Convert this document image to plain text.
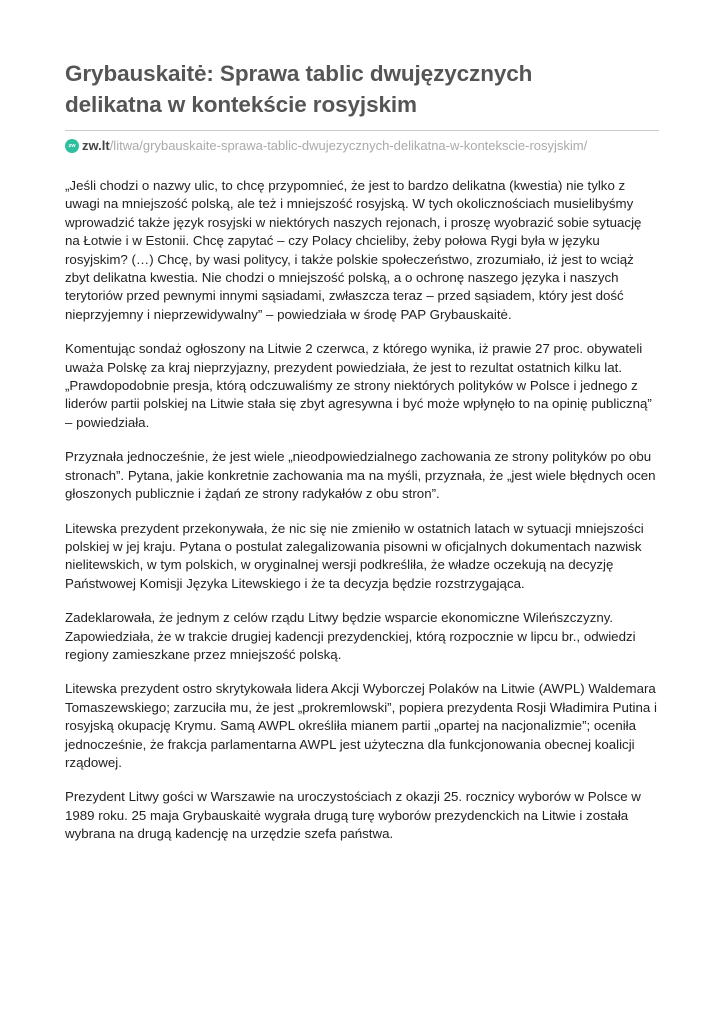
Grybauskaitė: Sprawa tablic dwujęzycznych
delikatna w kontekście rosyjskim
zw zw.lt /litwa/grybauskaite-sprawa-tablic-dwujezycznych-delikatna-w-kontekscie-rosyjskim/

„Jeśli chodzi o nazwy ulic, to chcę przypomnieć, że jest to bardzo delikatna (kwestia) nie tylko z uwagi na mniejszość polską, ale też i mniejszość rosyjską. W tych okolicznościach musielibyśmy wprowadzić także język rosyjski w niektórych naszych rejonach, i proszę wyobrazić sobie sytuację na Łotwie i w Estonii. Chcę zapytać – czy Polacy chcieliby, żeby połowa Rygi była w języku rosyjskim? (…) Chcę, by wasi politycy, i także polskie społeczeństwo, zrozumiało, iż jest to wciąż zbyt delikatna kwestia. Nie chodzi o mniejszość polską, a o ochronę naszego języka i naszych terytoriów przed pewnymi innymi sąsiadami, zwłaszcza teraz – przed sąsiadem, który jest dość nieprzyjemny i nieprzewidywalny” – powiedziała w środę PAP Grybauskaitė.

Komentując sondaż ogłoszony na Litwie 2 czerwca, z którego wynika, iż prawie 27 proc. obywateli uważa Polskę za kraj nieprzyjazny, prezydent powiedziała, że jest to rezultat ostatnich kilku lat. „Prawdopodobnie presja, którą odczuwaliśmy ze strony niektórych polityków w Polsce i jednego z liderów partii polskiej na Litwie stała się zbyt agresywna i być może wpłynęło to na opinię publiczną” – powiedziała.

Przyznała jednocześnie, że jest wiele „nieodpowiedzialnego zachowania ze strony polityków po obu stronach”. Pytana, jakie konkretnie zachowania ma na myśli, przyznała, że „jest wiele błędnych ocen głoszonych publicznie i żądań ze strony radykałów z obu stron”.

Litewska prezydent przekonywała, że nic się nie zmieniło w ostatnich latach w sytuacji mniejszości polskiej w jej kraju. Pytana o postulat zalegalizowania pisowni w oficjalnych dokumentach nazwisk nielitewskich, w tym polskich, w oryginalnej wersji podkreśliła, że władze oczekują na decyzję Państwowej Komisji Języka Litewskiego i że ta decyzja będzie rozstrzygająca.

Zadeklarowała, że jednym z celów rządu Litwy będzie wsparcie ekonomiczne Wileńszczyzny. Zapowiedziała, że w trakcie drugiej kadencji prezydenckiej, którą rozpocznie w lipcu br., odwiedzi regiony zamieszkane przez mniejszość polską.

Litewska prezydent ostro skrytykowała lidera Akcji Wyborczej Polaków na Litwie (AWPL) Waldemara Tomaszewskiego; zarzuciła mu, że jest „prokremlowski”, popiera prezydenta Rosji Władimira Putina i rosyjską okupację Krymu. Samą AWPL określiła mianem partii „opartej na nacjonalizmie”; oceniła jednocześnie, że frakcja parlamentarna AWPL jest użyteczna dla funkcjonowania obecnej koalicji rządowej.

Prezydent Litwy gości w Warszawie na uroczystościach z okazji 25. rocznicy wyborów w Polsce w 1989 roku. 25 maja Grybauskaitė wygrała drugą turę wyborów prezydenckich na Litwie i została wybrana na drugą kadencję na urzędzie szefa państwa.
